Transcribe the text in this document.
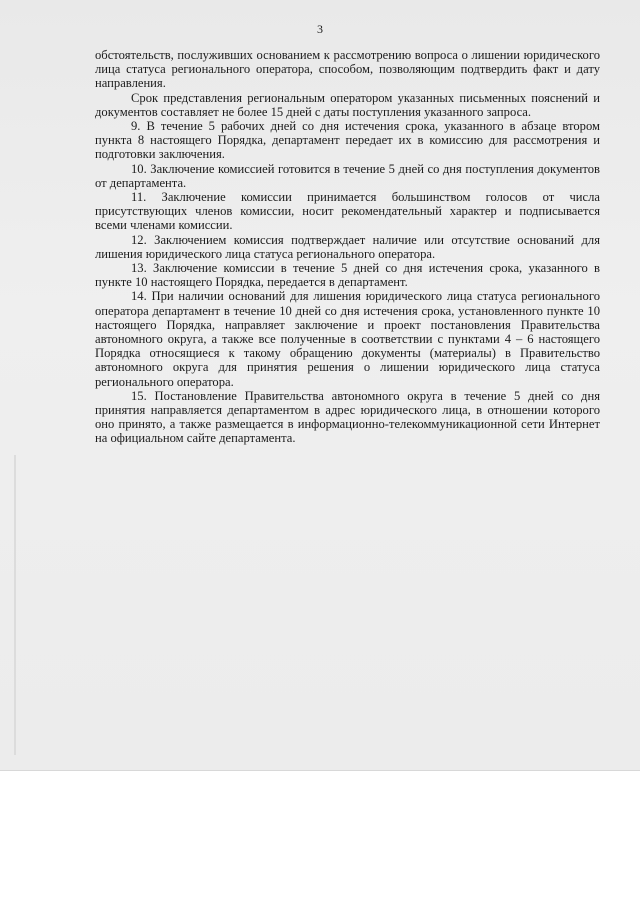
3

обстоятельств, послуживших основанием к рассмотрению вопроса о лишении юридического лица статуса регионального оператора, способом, позволяющим подтвердить факт и дату направления.

Срок представления региональным оператором указанных письменных пояснений и документов составляет не более 15 дней с даты поступления указанного запроса.

9. В течение 5 рабочих дней со дня истечения срока, указанного в абзаце втором пункта 8 настоящего Порядка, департамент передает их в комиссию для рассмотрения и подготовки заключения.

10. Заключение комиссией готовится в течение 5 дней со дня поступления документов от департамента.

11. Заключение комиссии принимается большинством голосов от числа присутствующих членов комиссии, носит рекомендательный характер и подписывается всеми членами комиссии.

12. Заключением комиссия подтверждает наличие или отсутствие оснований для лишения юридического лица статуса регионального оператора.

13. Заключение комиссии в течение 5 дней со дня истечения срока, указанного в пункте 10 настоящего Порядка, передается в департамент.

14. При наличии оснований для лишения юридического лица статуса регионального оператора департамент в течение 10 дней со дня истечения срока, установленного пункте 10 настоящего Порядка, направляет заключение и проект постановления Правительства автономного округа, а также все полученные в соответствии с пунктами 4 – 6 настоящего Порядка относящиеся к такому обращению документы (материалы) в Правительство автономного округа для принятия решения о лишении юридического лица статуса регионального оператора.

15. Постановление Правительства автономного округа в течение 5 дней со дня принятия направляется департаментом в адрес юридического лица, в отношении которого оно принято, а также размещается в информационно-телекоммуникационной сети Интернет на официальном сайте департамента.
